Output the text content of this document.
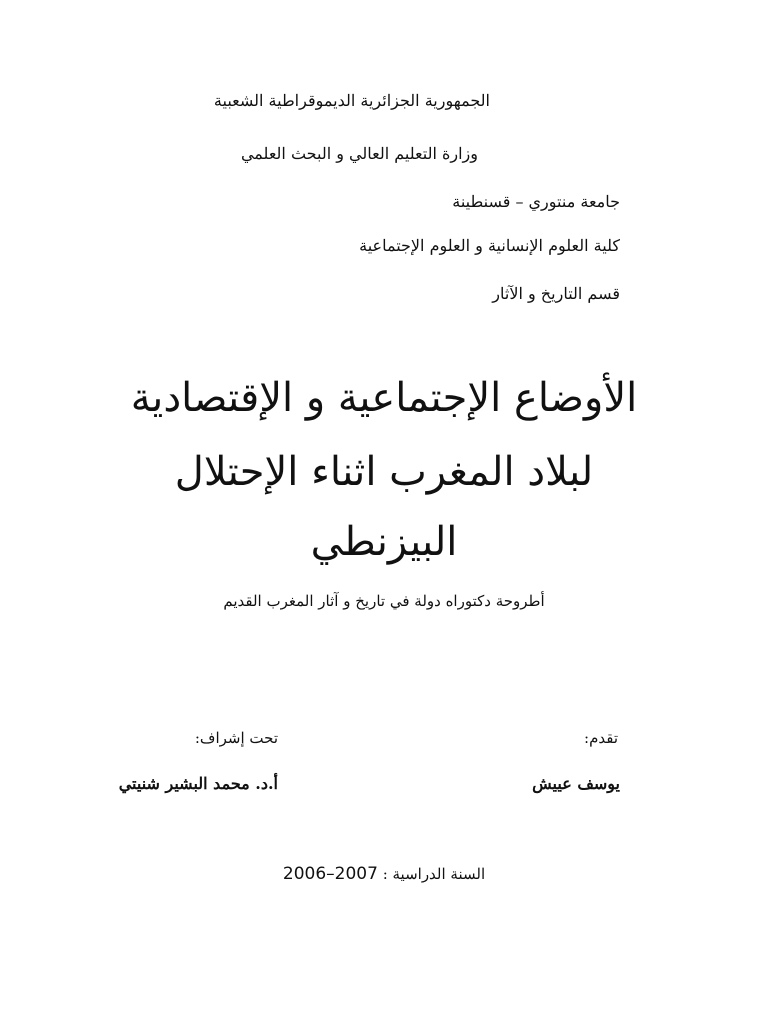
الجمهورية الجزائرية الديموقراطية الشعبية
وزارة التعليم العالي و البحث العلمي
جامعة منتوري – قسنطينة
كلية العلوم الإنسانية و العلوم الإجتماعية
قسم التاريخ و الآثار
الأوضاع الإجتماعية و الإقتصادية
لبلاد المغرب اثناء الإحتلال
البيزنطي
أطروحة دكتوراه دولة في تاريخ و آثار المغرب القديم
تقدم:
تحت إشراف:
يوسف عييش
أ.د. محمد البشير شنيتي
السنة الدراسية : 2006–2007
